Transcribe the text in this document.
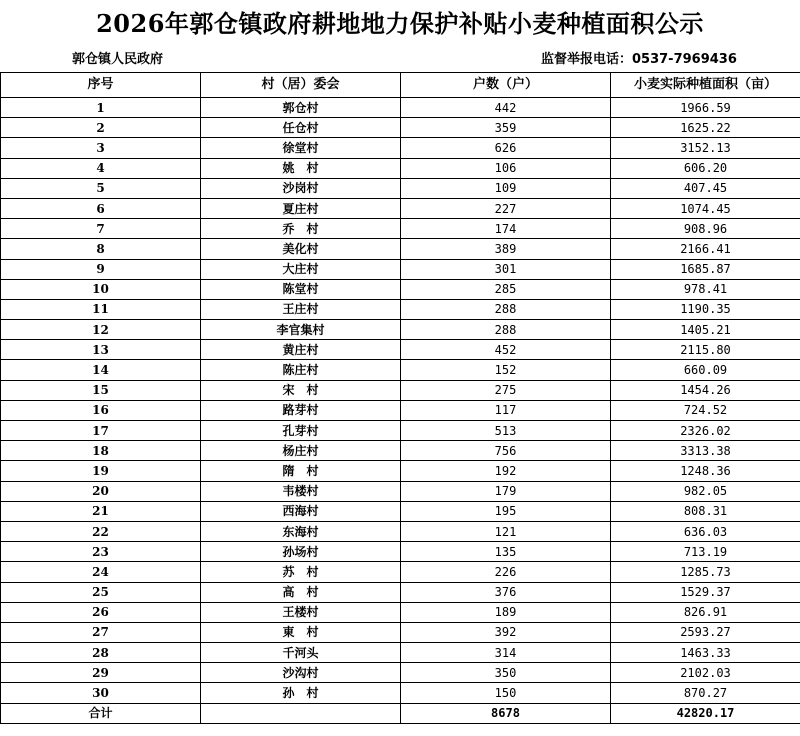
2026年郭仓镇政府耕地地力保护补贴小麦种植面积公示
郭仓镇人民政府	监督举报电话：0537-7969436
序号	村（居）委会	户数（户）	小麦实际种植面积（亩）
1	郭仓村	442	1966.59
2	任仓村	359	1625.22
3	徐堂村	626	3152.13
4	姚　村	106	606.20
5	沙岗村	109	407.45
6	夏庄村	227	1074.45
7	乔　村	174	908.96
8	美化村	389	2166.41
9	大庄村	301	1685.87
10	陈堂村	285	978.41
11	王庄村	288	1190.35
12	李官集村	288	1405.21
13	黄庄村	452	2115.80
14	陈庄村	152	660.09
15	宋　村	275	1454.26
16	路芽村	117	724.52
17	孔芽村	513	2326.02
18	杨庄村	756	3313.38
19	隋　村	192	1248.36
20	韦楼村	179	982.05
21	西海村	195	808.31
22	东海村	121	636.03
23	孙场村	135	713.19
24	苏　村	226	1285.73
25	高　村	376	1529.37
26	王楼村	189	826.91
27	東　村	392	2593.27
28	千河头	314	1463.33
29	沙沟村	350	2102.03
30	孙　村	150	870.27
合计		8678	42820.17
